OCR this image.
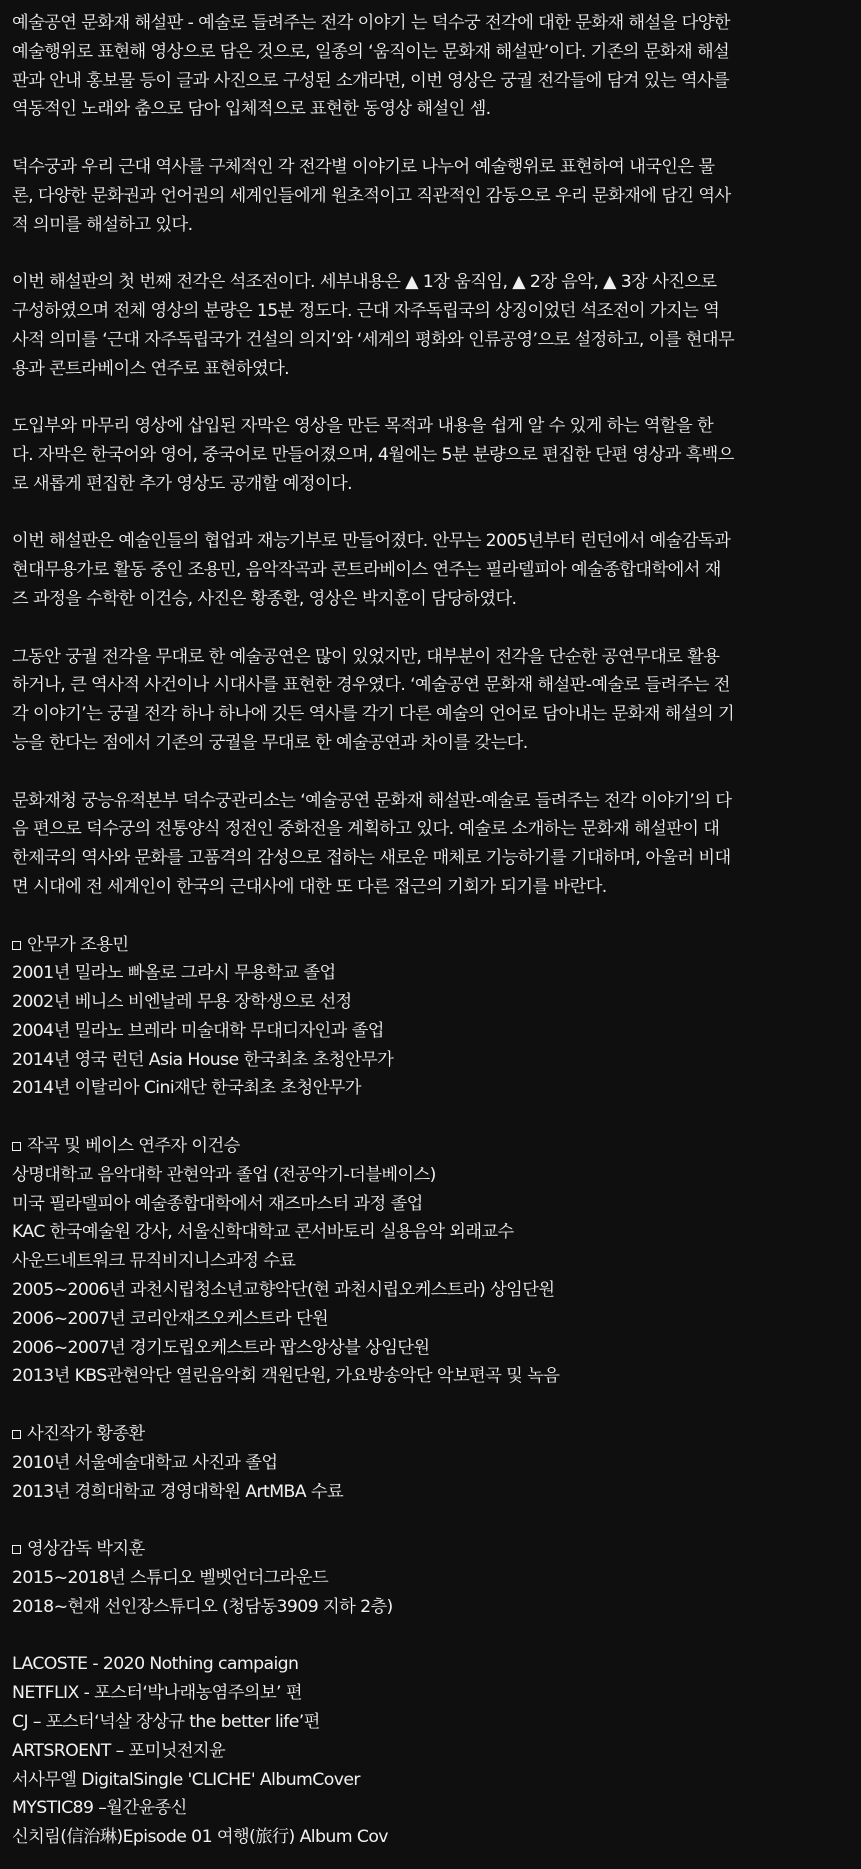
예술공연 문화재 해설판 - 예술로 들려주는 전각 이야기 는 덕수궁 전각에 대한 문화재 해설을 다양한
예술행위로 표현해 영상으로 담은 것으로, 일종의 ‘움직이는 문화재 해설판’이다. 기존의 문화재 해설
판과 안내 홍보물 등이 글과 사진으로 구성된 소개라면, 이번 영상은 궁궐 전각들에 담겨 있는 역사를
역동적인 노래와 춤으로 담아 입체적으로 표현한 동영상 해설인 셈.

덕수궁과 우리 근대 역사를 구체적인 각 전각별 이야기로 나누어 예술행위로 표현하여 내국인은 물
론, 다양한 문화권과 언어권의 세계인들에게 원초적이고 직관적인 감동으로 우리 문화재에 담긴 역사
적 의미를 해설하고 있다.

이번 해설판의 첫 번째 전각은 석조전이다. 세부내용은 ▲ 1장 움직임, ▲ 2장 음악, ▲ 3장 사진으로
구성하였으며 전체 영상의 분량은 15분 정도다. 근대 자주독립국의 상징이었던 석조전이 가지는 역
사적 의미를 ‘근대 자주독립국가 건설의 의지’와 ‘세계의 평화와 인류공영’으로 설정하고, 이를 현대무
용과 콘트라베이스 연주로 표현하였다.

도입부와 마무리 영상에 삽입된 자막은 영상을 만든 목적과 내용을 쉽게 알 수 있게 하는 역할을 한
다. 자막은 한국어와 영어, 중국어로 만들어졌으며, 4월에는 5분 분량으로 편집한 단편 영상과 흑백으
로 새롭게 편집한 추가 영상도 공개할 예정이다.

이번 해설판은 예술인들의 협업과 재능기부로 만들어졌다. 안무는 2005년부터 런던에서 예술감독과
현대무용가로 활동 중인 조용민, 음악작곡과 콘트라베이스 연주는 필라델피아 예술종합대학에서 재
즈 과정을 수학한 이건승, 사진은 황종환, 영상은 박지훈이 담당하였다.

그동안 궁궐 전각을 무대로 한 예술공연은 많이 있었지만, 대부분이 전각을 단순한 공연무대로 활용
하거나, 큰 역사적 사건이나 시대사를 표현한 경우였다. ‘예술공연 문화재 해설판-예술로 들려주는 전
각 이야기’는 궁궐 전각 하나 하나에 깃든 역사를 각기 다른 예술의 언어로 담아내는 문화재 해설의 기
능을 한다는 점에서 기존의 궁궐을 무대로 한 예술공연과 차이를 갖는다.

문화재청 궁능유적본부 덕수궁관리소는 ‘예술공연 문화재 해설판-예술로 들려주는 전각 이야기’의 다
음 편으로 덕수궁의 전통양식 정전인 중화전을 계획하고 있다. 예술로 소개하는 문화재 해설판이 대
한제국의 역사와 문화를 고품격의 감성으로 접하는 새로운 매체로 기능하기를 기대하며, 아울러 비대
면 시대에 전 세계인이 한국의 근대사에 대한 또 다른 접근의 기회가 되기를 바란다.

안무가 조용민
2001년 밀라노 빠올로 그라시 무용학교 졸업
2002년 베니스 비엔날레 무용 장학생으로 선정
2004년 밀라노 브레라 미술대학 무대디자인과 졸업
2014년 영국 런던 Asia House 한국최초 초청안무가
2014년 이탈리아 Cini재단 한국최초 초청안무가
작곡 및 베이스 연주자 이건승
상명대학교 음악대학 관현악과 졸업 (전공악기-더블베이스)
미국 필라델피아 예술종합대학에서 재즈마스터 과정 졸업
KAC 한국예술원 강사, 서울신학대학교 콘서바토리 실용음악 외래교수
사운드네트워크 뮤직비지니스과정 수료
2005~2006년 과천시립청소년교향악단(현 과천시립오케스트라) 상임단원
2006~2007년 코리안재즈오케스트라 단원
2006~2007년 경기도립오케스트라 팝스앙상블 상임단원
2013년 KBS관현악단 열린음악회 객원단원, 가요방송악단 악보편곡 및 녹음
사진작가 황종환
2010년 서울예술대학교 사진과 졸업
2013년 경희대학교 경영대학원 ArtMBA 수료
영상감독 박지훈
2015~2018년 스튜디오 벨벳언더그라운드
2018~현재 선인장스튜디오 (청담동3909 지하 2층)
LACOSTE - 2020 Nothing campaign
NETFLIX - 포스터‘박나래농염주의보’ 편
CJ – 포스터‘넉살 장상규 the better life’편
ARTSROENT – 포미닛전지윤
서사무엘 DigitalSingle 'CLICHE' AlbumCover
MYSTIC89 –월간윤종신
신치림(信治琳)Episode 01 여행(旅行) Album Cov
